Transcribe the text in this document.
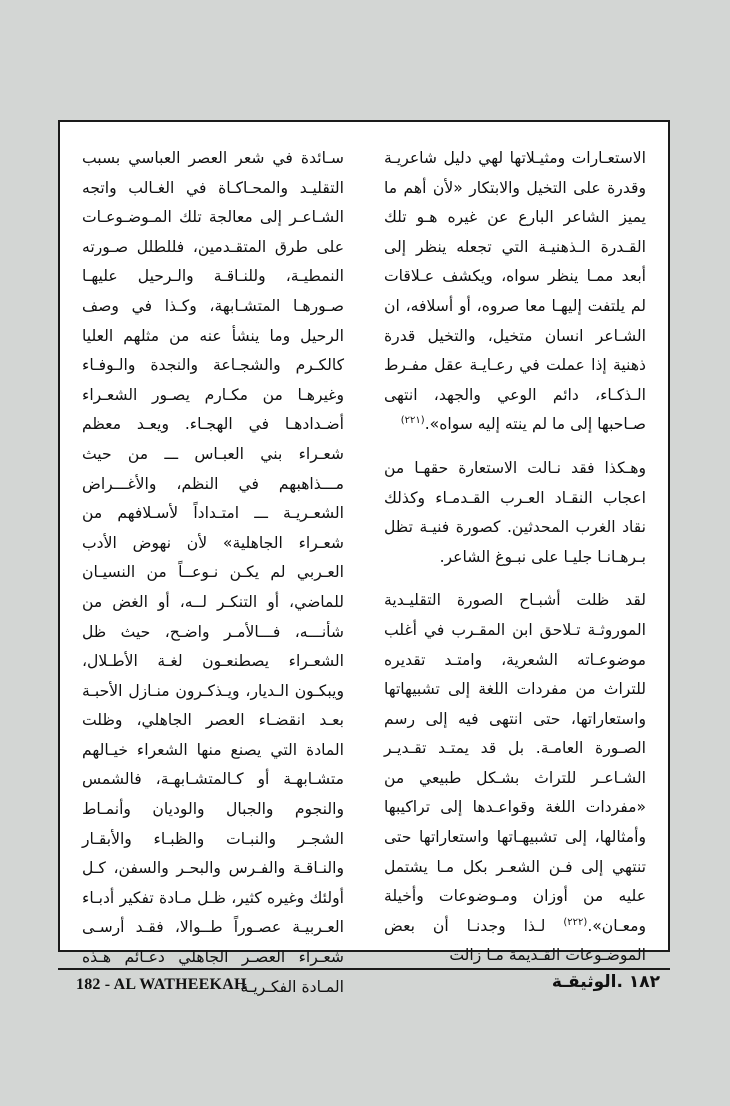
الاستعـارات ومثيـلاتها لهي دليل شاعريـة وقدرة على التخيل والابتكار «لأن أهم ما يميز الشاعر البارع عن غيره هـو تلك القـدرة الـذهنيـة التي تجعله ينظر إلى أبعد ممـا ينظر سواه، ويكشف عـلاقات لم يلتفت إليهـا معا صروه، أو أسلافه، ان الشـاعر انسان متخيل، والتخيل قدرة ذهنية إذا عملت في رعـايـة عقل مفـرط الـذكـاء، دائم الوعي والجهد، انتهى صـاحبها إلى ما لم ينته إليه سواه».$^{(٢٢١)}$

وهـكذا فقد نـالت الاستعارة حقهـا من اعجاب النقـاد العـرب القـدمـاء وكذلك نقاد الغرب المحدثين. كصورة فنيـة تظل بـرهـانـا جليـا على نبـوغ الشاعر.

لقد ظلت أشبـاح الصورة التقليـدية الموروثـة تـلاحق ابن المقـرب في أغلب موضوعـاته الشعرية، وامتـد تقديره للتراث من مفردات اللغة إلى تشبيهاتها واستعاراتها، حتى انتهى فيه إلى رسم الصـورة العامـة. بل قد يمتـد تقـديـر الشـاعـر للتراث بشـكل طبيعي من «مفردات اللغة وقواعـدها إلى تراكيبها وأمثالها، إلى تشبيهـاتها واستعاراتها حتى تنتهي إلى فـن الشعـر بكل مـا يشتمل عليه من أوزان ومـوضوعات وأخيلة ومعـان».$^{(٢٢٢)}$ لـذا وجدنـا أن بعض الموضـوعات القـديمة مـا زالت

سـائدة في شعر العصر العباسي بسبب التقليـد والمحـاكـاة في الغـالب واتجه الشـاعـر إلى معالجة تلك المـوضـوعـات على طرق المتقـدمين، فللطلل صـورته النمطيـة، وللنـاقـة والـرحيل عليهـا صـورهـا المتشـابهة، وكـذا في وصف الرحيل وما ينشأ عنه من مثلهم العليا كالكـرم والشجـاعة والنجدة والـوفـاء وغيرهـا من مكـارم يصـور الشعـراء أضـدادهـا في الهجـاء. ويعـد معظم شعـراء بني العبـاس ـــ من حيث مـــذاهبهم في النظم، والأغـــراض الشعـريـة ـــ امتـداداً لأسـلافهم من شعـراء الجاهلية» لأن نهوض الأدب العـربي لم يكـن نـوعــاً من النسيـان للماضي، أو التنكـر لــه، أو الغض من شأنـــه، فـــالأمـر واضـح، حيث ظل الشعـراء يصطنعـون لغـة الأطـلال، ويبكـون الـديار، ويـذكـرون منـازل الأحبـة بعـد انقضـاء العصر الجاهلي، وظلت المادة التي يصنع منها الشعراء خيـالهم متشـابهـة أو كـالمتشـابهـة، فالشمس والنجوم والجبال والوديان وأنمـاط الشجـر والنبـات والظبـاء والأبقـار والنـاقـة والفـرس والبحـر والسفن، كـل أولئك وغيره كثير، ظـل مـادة تفكير أدبـاء العـربيـة عصـوراً طــوالا، فقـد أرسـى شعـراء العصـر الجاهلي دعـائم هـذه المـادة الفكـريـة

182 - AL WATHEEKAH	١٨٢ .الوثيقـة
